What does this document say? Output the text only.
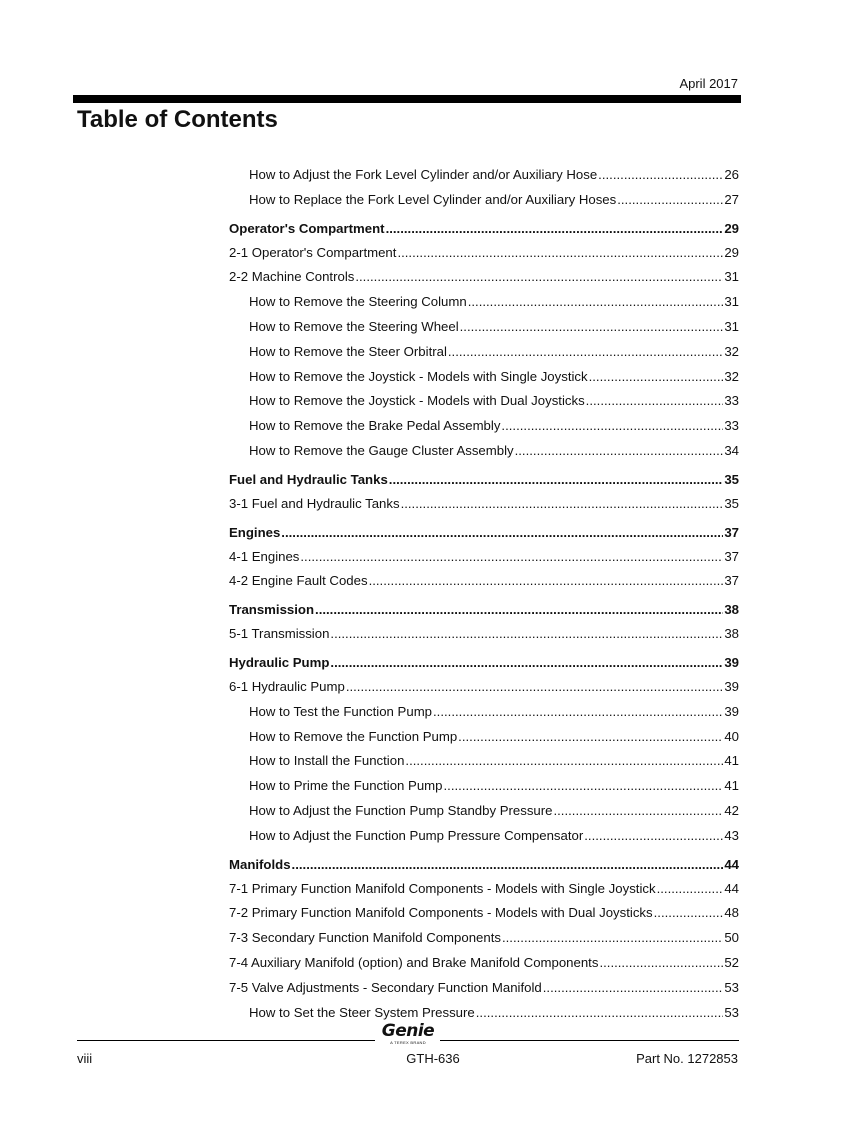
April 2017
Table of Contents
How to Adjust the Fork Level Cylinder and/or Auxiliary Hose .....	26
How to Replace the Fork Level Cylinder and/or Auxiliary Hoses .....	27
Operator's Compartment .....	29
2-1 Operator's Compartment .....	29
2-2 Machine Controls .....	31
How to Remove the Steering Column .....	31
How to Remove the Steering Wheel .....	31
How to Remove the Steer Orbitral .....	32
How to Remove the Joystick - Models with Single Joystick .....	32
How to Remove the Joystick - Models with Dual Joysticks .....	33
How to Remove the Brake Pedal Assembly .....	33
How to Remove the Gauge Cluster Assembly .....	34
Fuel and Hydraulic Tanks .....	35
3-1 Fuel and Hydraulic Tanks .....	35
Engines .....	37
4-1 Engines .....	37
4-2 Engine Fault Codes .....	37
Transmission .....	38
5-1 Transmission .....	38
Hydraulic Pump .....	39
6-1 Hydraulic Pump .....	39
How to Test the Function Pump .....	39
How to Remove the Function Pump .....	40
How to Install the Function .....	41
How to Prime the Function Pump .....	41
How to Adjust the Function Pump Standby Pressure .....	42
How to Adjust the Function Pump Pressure Compensator .....	43
Manifolds .....	44
7-1 Primary Function Manifold Components - Models with Single Joystick .....	44
7-2 Primary Function Manifold Components - Models with Dual Joysticks .....	48
7-3 Secondary Function Manifold Components .....	50
7-4 Auxiliary Manifold (option) and Brake Manifold Components .....	52
7-5 Valve Adjustments - Secondary Function Manifold .....	53
How to Set the Steer System Pressure .....	53
Genie
A TEREX BRAND
viii	GTH-636	Part No. 1272853
